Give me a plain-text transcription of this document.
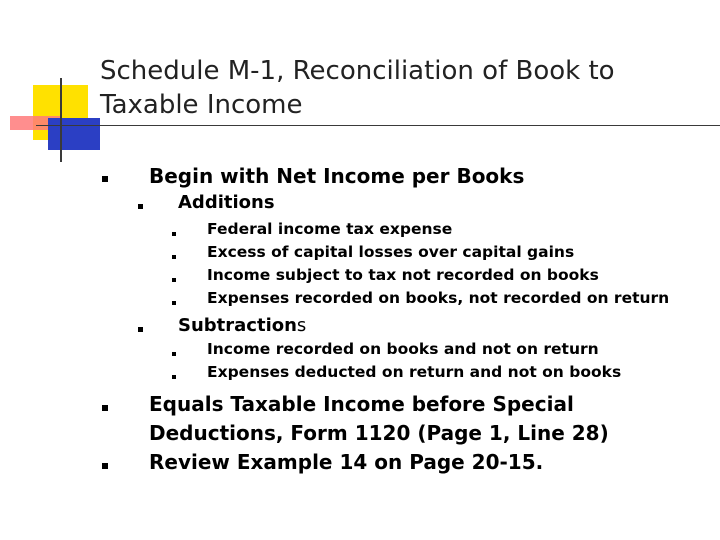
Schedule M-1, Reconciliation of Book to Taxable Income

Begin with Net Income per Books

Additions

Federal income tax expense

Excess of capital losses over capital gains

Income subject to tax not recorded on books

Expenses recorded on books, not recorded on return

Subtractions

Income recorded on books and not on return

Expenses deducted on return and not on books

Equals Taxable Income before Special Deductions, Form 1120 (Page 1, Line 28)

Review Example 14 on Page 20-15.
